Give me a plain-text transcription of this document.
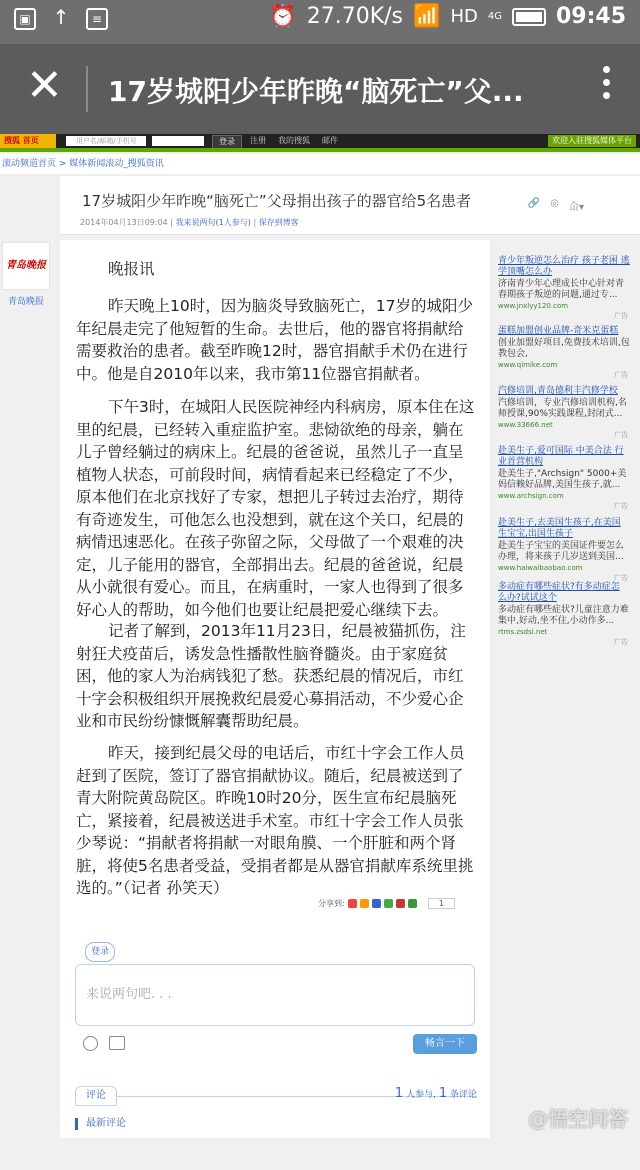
▣ ↑	≡	⏰ 27.70K/s 📶 HD 4G 09:45
✕ 17岁城阳少年昨晚“脑死亡”父...
搜狐 首页	用户名/邮箱/手机号	登录	注册 我的搜狐 邮件	欢迎入驻搜狐媒体平台
滚动频道首页 > 媒体新闻滚动_搜狐资讯
17岁城阳少年昨晚“脑死亡”父母捐出孩子的器官给5名患者
2014年04月13日09:04 | 我来说两句(1人参与) | 保存到博客
🔗 ◎ 仚▾
青岛晚报
青岛晚报

晚报讯

昨天晚上10时，因为脑炎导致脑死亡，17岁的城阳少年纪晨走完了他短暂的生命。去世后，他的器官将捐献给需要救治的患者。截至昨晚12时，器官捐献手术仍在进行中。他是自2010年以来，我市第11位器官捐献者。

下午3时，在城阳人民医院神经内科病房，原本住在这里的纪晨，已经转入重症监护室。悲恸欲绝的母亲，躺在儿子曾经躺过的病床上。纪晨的爸爸说，虽然儿子一直呈植物人状态，可前段时间，病情看起来已经稳定了不少，原本他们在北京找好了专家，想把儿子转过去治疗，期待有奇迹发生，可他怎么也没想到，就在这个关口，纪晨的病情迅速恶化。在孩子弥留之际，父母做了一个艰难的决定，儿子能用的器官，全部捐出去。纪晨的爸爸说，纪晨从小就很有爱心。而且，在病重时，一家人也得到了很多好心人的帮助，如今他们也要让纪晨把爱心继续下去。

记者了解到，2013年11月23日，纪晨被猫抓伤，注射狂犬疫苗后，诱发急性播散性脑脊髓炎。由于家庭贫困，他的家人为治病钱犯了愁。获悉纪晨的情况后，市红十字会积极组织开展挽救纪晨爱心募捐活动，不少爱心企业和市民纷纷慷慨解囊帮助纪晨。

昨天，接到纪晨父母的电话后，市红十字会工作人员赶到了医院，签订了器官捐献协议。随后，纪晨被送到了青大附院黄岛院区。昨晚10时20分，医生宣布纪晨脑死亡，紧接着，纪晨被送进手术室。市红十字会工作人员张少琴说：“捐献者将捐献一对眼角膜、一个肝脏和两个肾脏，将使5名患者受益，受捐者都是从器官捐献库系统里挑选的。”（记者 孙笑天）

分享到:	1
登录
来说两句吧. . .
畅言一下
评论	1 人参与, 1 条评论
最新评论
青少年叛逆怎么治疗 孩子老困 逃学顶嘴怎么办
济南青少年心理成长中心针对青春期孩子叛逆的问题,通过专...
www.jnxlyy120.com
广告
蛋糕加盟创业品牌-奇米克蛋糕
创业加盟好项目,免费技术培训,包教包会,
www.qimike.com
广告
汽修培训,青岛德利丰汽修学校
汽修培训，专业汽修培训机构,名师授课,90%实践课程,封闭式...
www.33666.net
广告
赴美生子,爱可国际 中美合法 行业首营机构
赴美生子,"Archsign" 5000+美妈信赖好品牌,美国生孩子,就...
www.archsign.com
广告
赴美生子,去美国生孩子,在美国 生宝宝,出国生孩子
赴美生子宝宝的美国证件要怎么办理，将来孩子几岁送到美国...
www.haiwaibaobao.com
广告
多动症有哪些症状?有多动症怎 么办?试试这个
多动症有哪些症状?儿童注意力难集中,好动,坐不住,小动作多...
rtms.zsdsi.net
广告
@悟空问答
